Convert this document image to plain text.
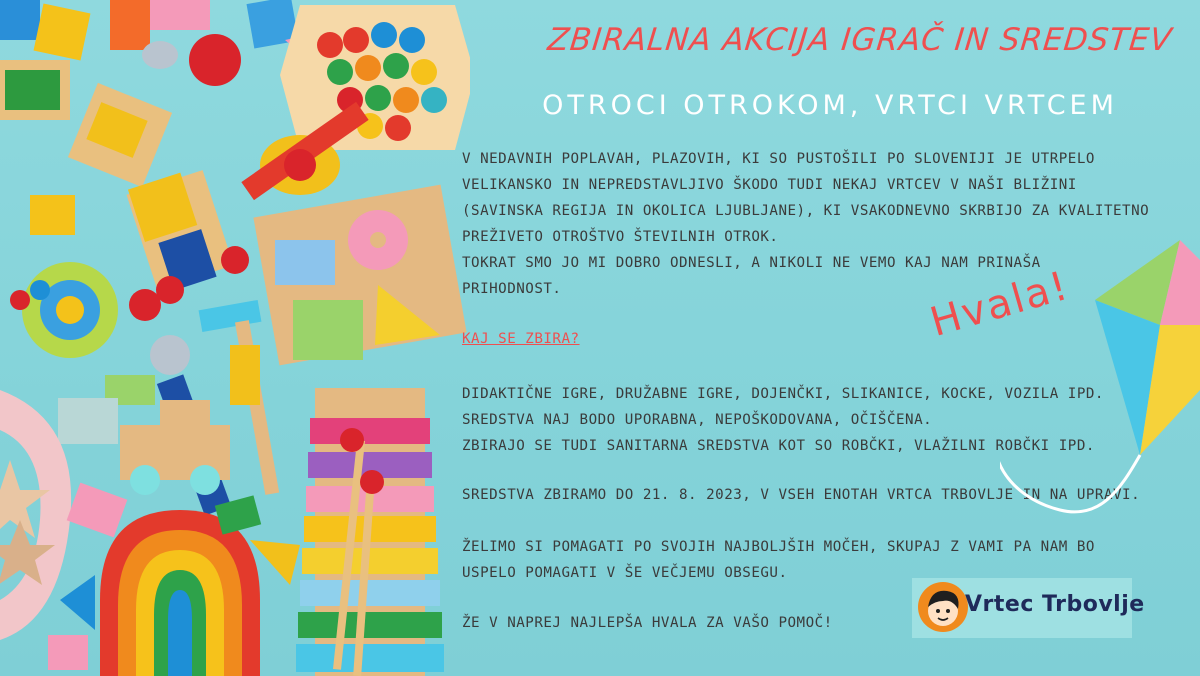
ZBIRALNA AKCIJA IGRAČ IN SREDSTEV
OTROCI OTROKOM, VRTCI VRTCEM
V NEDAVNIH POPLAVAH, PLAZOVIH, KI SO PUSTOŠILI PO SLOVENIJI JE UTRPELO
VELIKANSKO IN NEPREDSTAVLJIVO ŠKODO TUDI NEKAJ VRTCEV V NAŠI BLIŽINI
(SAVINSKA REGIJA IN OKOLICA LJUBLJANE), KI VSAKODNEVNO SKRBIJO ZA KVALITETNO
PREŽIVETO OTROŠTVO ŠTEVILNIH OTROK.
TOKRAT SMO JO MI DOBRO ODNESLI, A NIKOLI NE VEMO KAJ NAM PRINAŠA
PRIHODNOST.
KAJ SE ZBIRA?
DIDAKTIČNE IGRE, DRUŽABNE IGRE, DOJENČKI, SLIKANICE, KOCKE, VOZILA IPD.
SREDSTVA NAJ BODO UPORABNA, NEPOŠKODOVANA, OČIŠČENA.
ZBIRAJO SE TUDI SANITARNA SREDSTVA KOT SO ROBČKI, VLAŽILNI ROBČKI IPD.
SREDSTVA ZBIRAMO DO 21. 8. 2023, V VSEH ENOTAH VRTCA TRBOVLJE IN NA UPRAVI.
ŽELIMO SI POMAGATI PO SVOJIH NAJBOLJŠIH MOČEH, SKUPAJ Z VAMI PA NAM BO
USPELO POMAGATI V ŠE VEČJEMU OBSEGU.
ŽE V NAPREJ NAJLEPŠA HVALA ZA VAŠO POMOČ!
Hvala!
Vrtec Trbovlje
